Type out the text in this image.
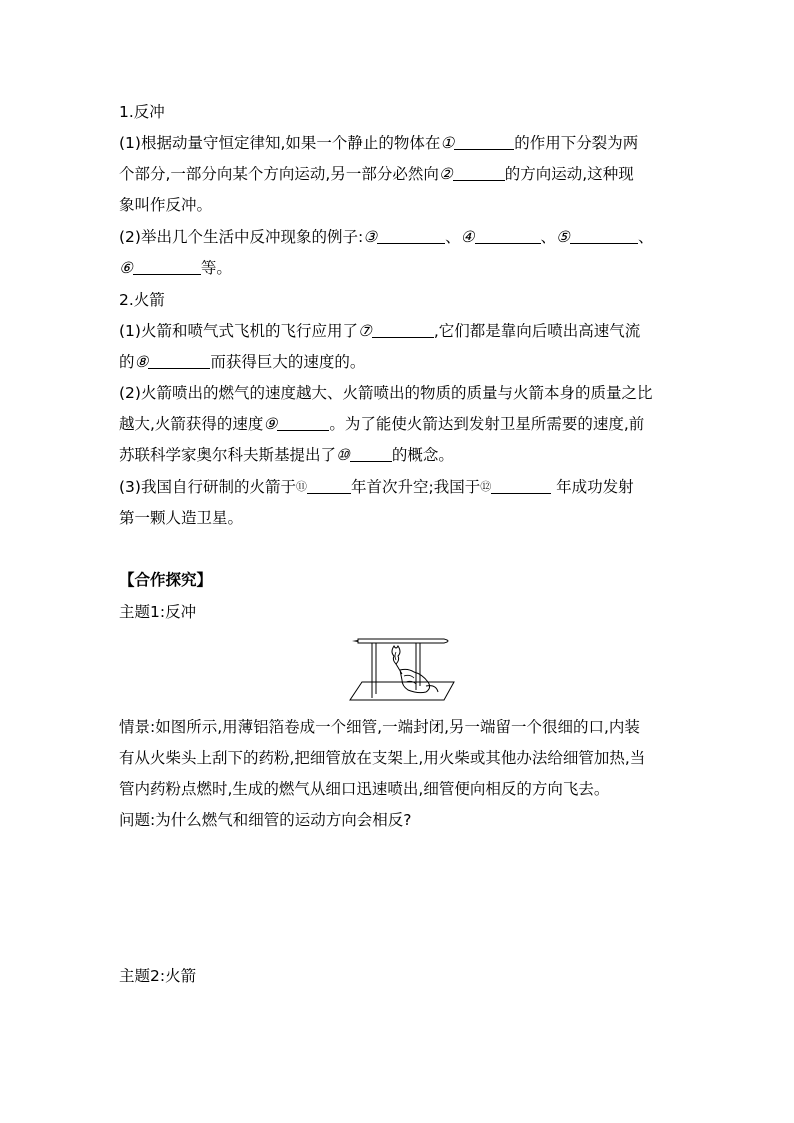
1.反冲
(1)根据动量守恒定律知,如果一个静止的物体在①	的作用下分裂为两
个部分,一部分向某个方向运动,另一部分必然向②	的方向运动,这种现
象叫作反冲。
(2)举出几个生活中反冲现象的例子:③	、④	、⑤	、
⑥	等。
2.火箭
(1)火箭和喷气式飞机的飞行应用了⑦	,它们都是靠向后喷出高速气流
的⑧	而获得巨大的速度的。
(2)火箭喷出的燃气的速度越大、火箭喷出的物质的质量与火箭本身的质量之比
越大,火箭获得的速度⑨	。为了能使火箭达到发射卫星所需要的速度,前
苏联科学家奥尔科夫斯基提出了⑩	的概念。
(3)我国自行研制的火箭于⑪	年首次升空;我国于⑫	年成功发射
第一颗人造卫星。
【合作探究】
主题1:反冲
情景:如图所示,用薄铝箔卷成一个细管,一端封闭,另一端留一个很细的口,内装
有从火柴头上刮下的药粉,把细管放在支架上,用火柴或其他办法给细管加热,当
管内药粉点燃时,生成的燃气从细口迅速喷出,细管便向相反的方向飞去。
问题:为什么燃气和细管的运动方向会相反?
主题2:火箭
